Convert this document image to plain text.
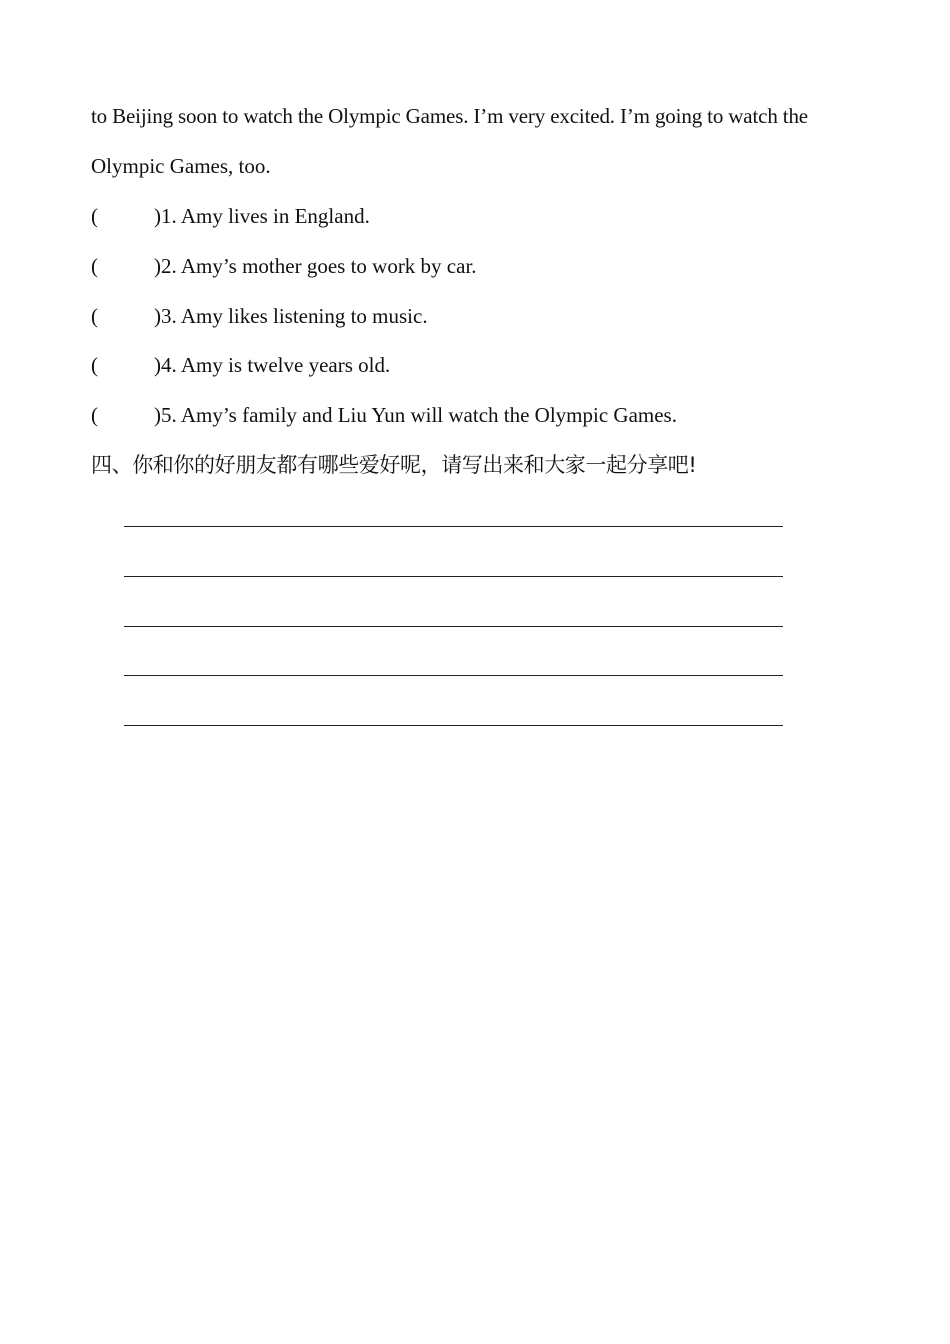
to Beijing soon to watch the Olympic Games. I’m very excited. I’m going to watch the
Olympic Games, too.
(	)1. Amy lives in England.
(	)2. Amy’s mother goes to work by car.
(	)3. Amy likes listening to music.
(	)4. Amy is twelve years old.
(	)5. Amy’s family and Liu Yun will watch the Olympic Games.
四、你和你的好朋友都有哪些爱好呢，请写出来和大家一起分享吧!
